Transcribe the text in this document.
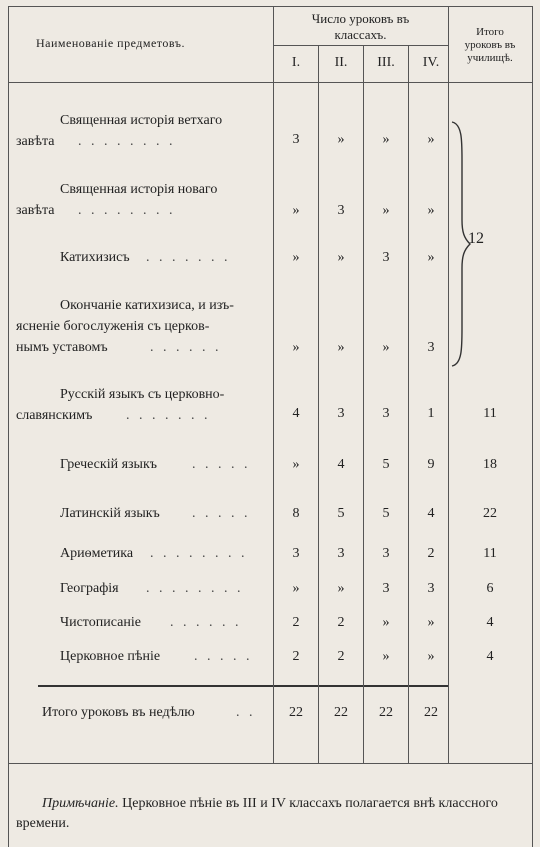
Наименованіе предметовъ.
Число уроковъ въ
классахъ.
I.	II.	III.	IV.
Итого
уроковъ въ
училищѣ.
Священная исторія ветхаго
завѣта . . . . . . . .	3	»	»	»
Священная исторія новаго
завѣта . . . . . . . .	»	3	»	»
Катихизисъ . . . . . . .	»	»	3	»
Окончаніе катихизиса, и изъ-
ясненіе богослуженія съ церков-
нымъ уставомъ	. . . . . .	»	»	»	3
12
Русскій языкъ съ церковно-
славянскимъ . . . . . . .	4	3	3	1	11
Греческій языкъ	. . . . .	»	4	5	9	18
Латинскій языкъ . . . . .	8	5	5	4	22
Ариѳметика . . . . . . . .	3	3	3	2	11
Географія . . . . . . . .	»	»	3	3	6
Чистописаніе . . . . . .	2	2	»	»	4
Церковное пѣніе . . . . .	2	2	»	»	4
Итого уроковъ въ недѣлю	. .	22	22	22	22
Примѣчаніе. Церковное пѣніе въ III и IV классахъ полагается внѣ классного времени.
